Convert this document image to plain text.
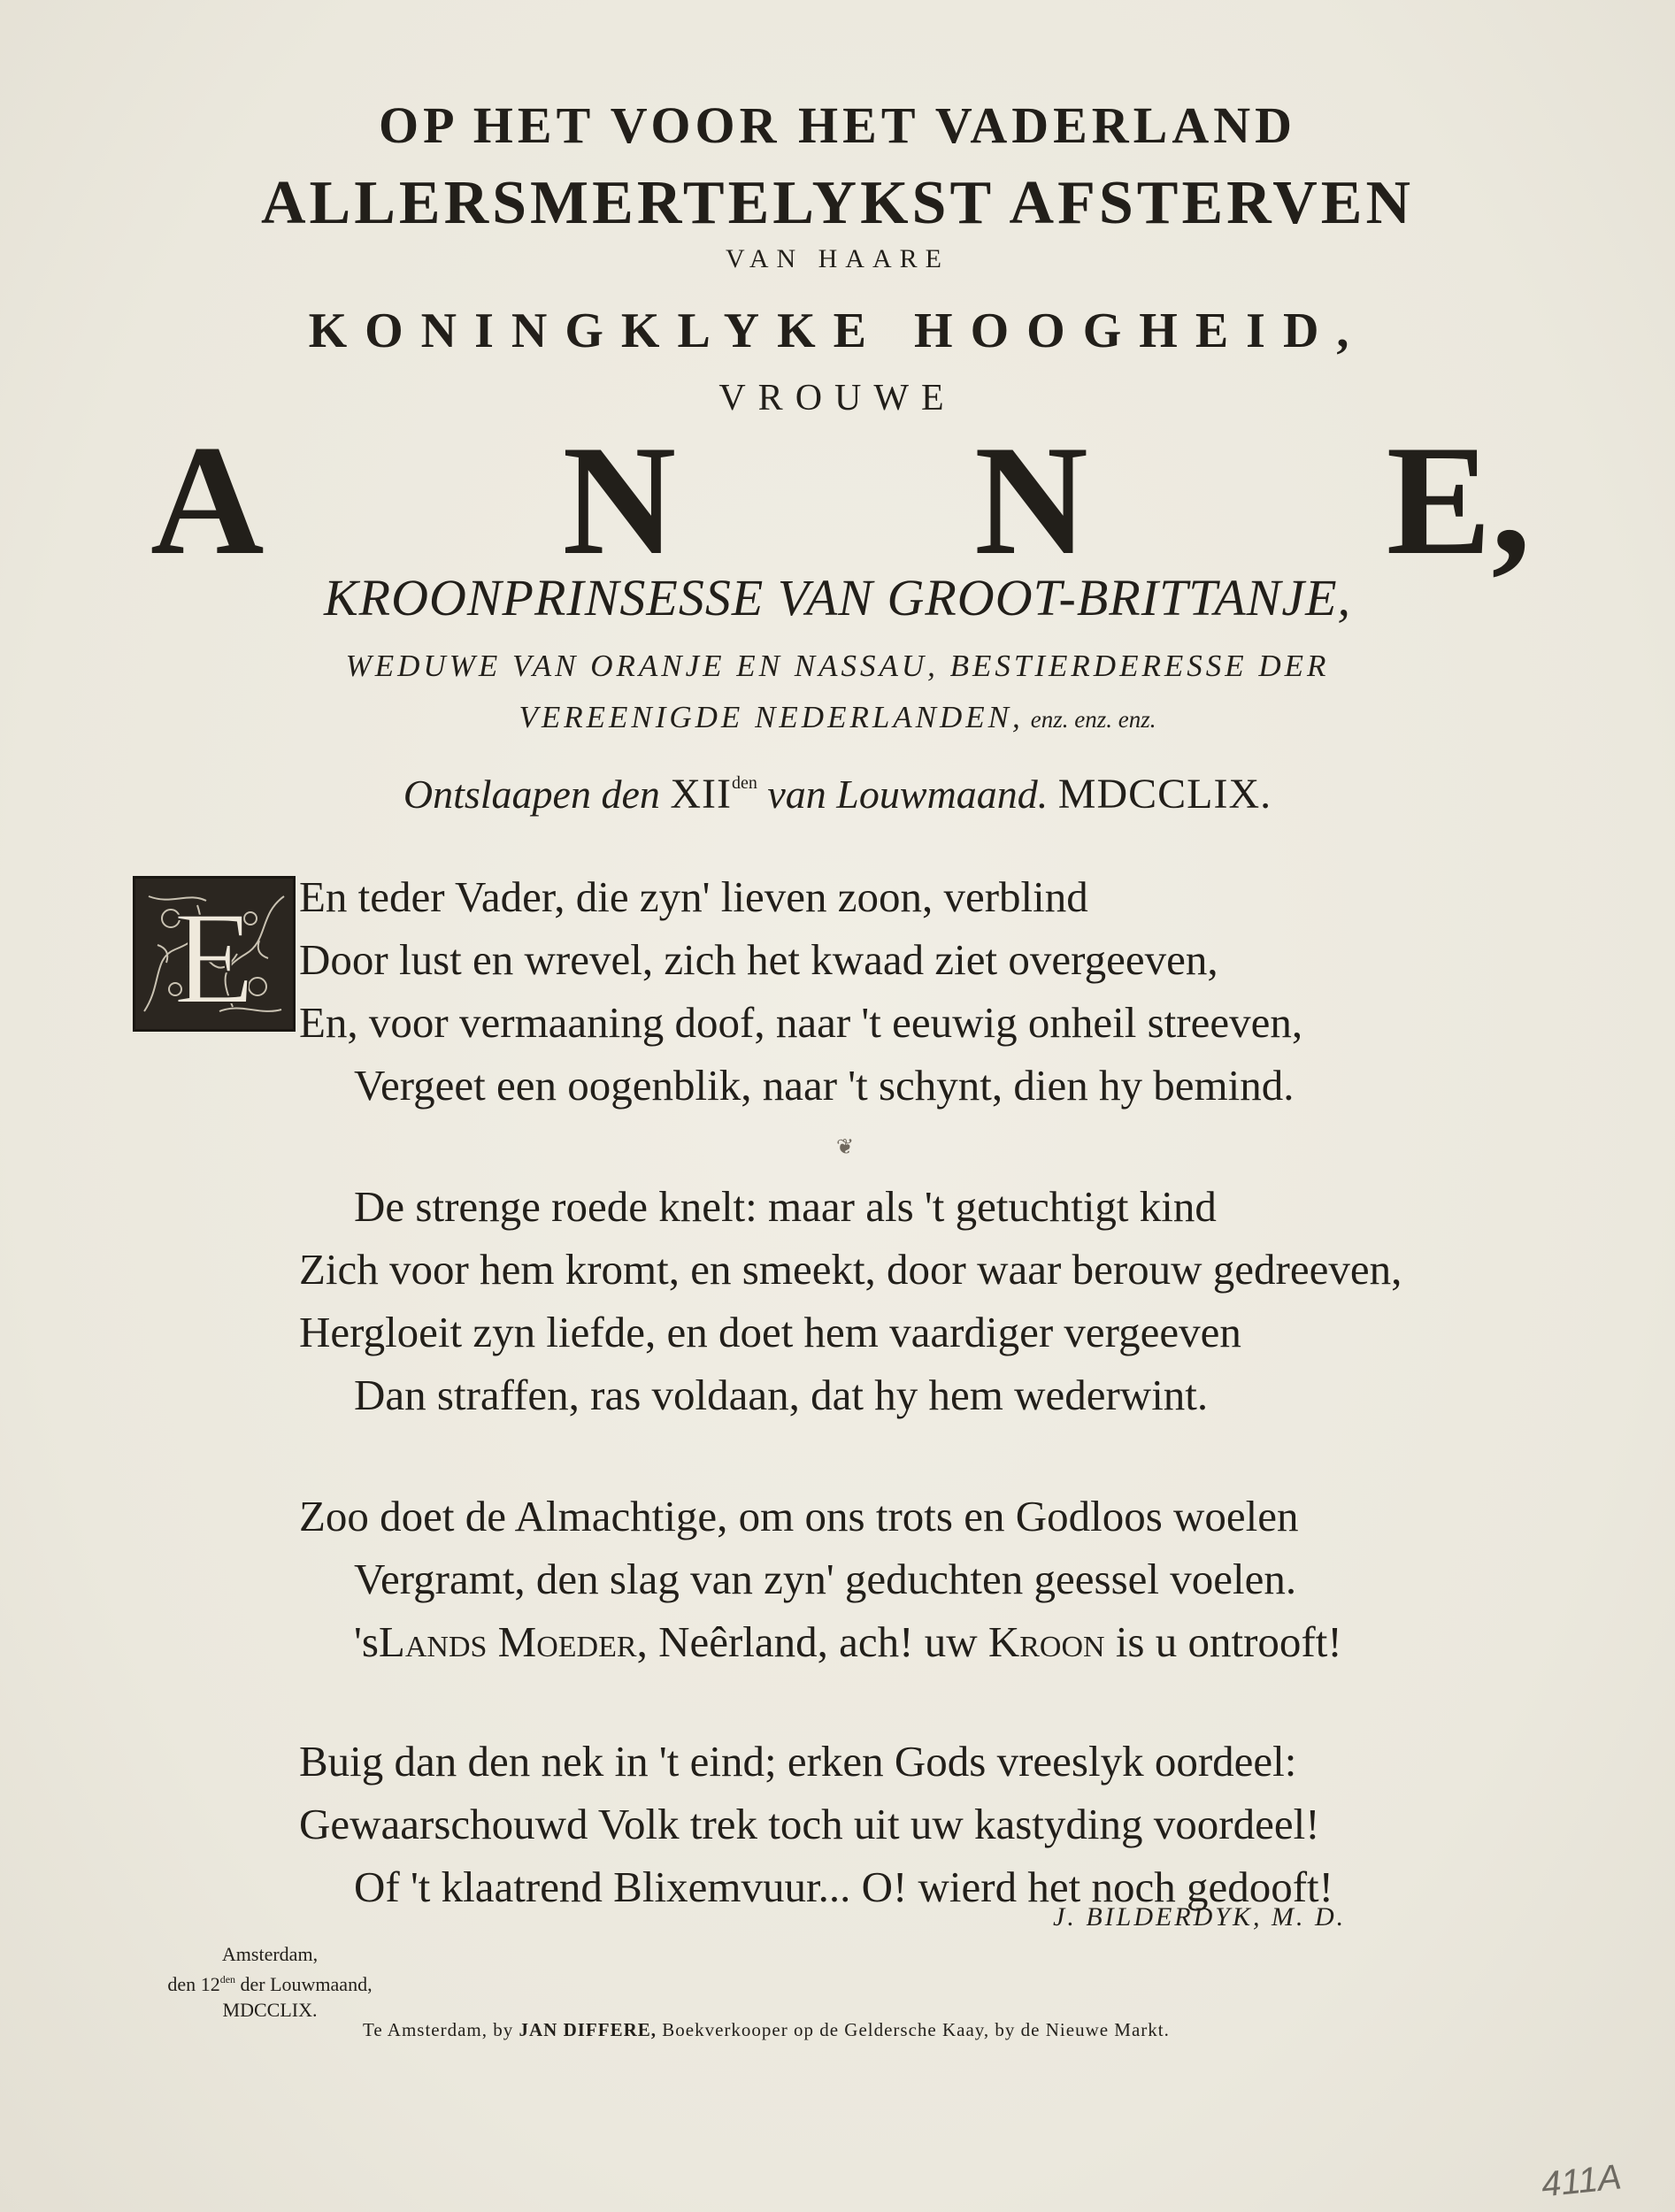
OP HET VOOR HET VADERLAND
ALLERSMERTELYKST AFSTERVEN
VAN HAARE
KONINGKLYKE HOOGHEID,
VROUWE
A N N E,
KROONPRINSESSE VAN GROOT-BRITTANJE,
WEDUWE VAN ORANJE EN NASSAU, BESTIERDERESSE DER
VEREENIGDE NEDERLANDEN, enz. enz. enz.
Ontslaapen den $XII^{den}$ van Louwmaand. MDCCLIX.
E En teder Vader, die zyn' lieven zoon, verblind
Door lust en wrevel, zich het kwaad ziet overgeeven,
En, voor vermaaning doof, naar 't eeuwig onheil streeven,
Vergeet een oogenblik, naar 't schynt, dien hy bemind.
❦
De strenge roede knelt: maar als 't getuchtigt kind
Zich voor hem kromt, en smeekt, door waar berouw gedreeven,
Hergloeit zyn liefde, en doet hem vaardiger vergeeven
Dan straffen, ras voldaan, dat hy hem wederwint.
Zoo doet de Almachtige, om ons trots en Godloos woelen
Vergramt, den slag van zyn' geduchten geessel voelen.
'sLands Moeder, Neêrland, ach! uw Kroon is u ontrooft!
Buig dan den nek in 't eind; erken Gods vreeslyk oordeel:
Gewaarschouwd Volk trek toch uit uw kastyding voordeel!
Of 't klaatrend Blixemvuur... O! wierd het noch gedooft!
J. BILDERDYK, M. D.
Amsterdam,
den $12^{den}$ der Louwmaand,
MDCCLIX.
Te Amsterdam, by JAN DIFFERE, Boekverkooper op de Geldersche Kaay, by de Nieuwe Markt.
411A
